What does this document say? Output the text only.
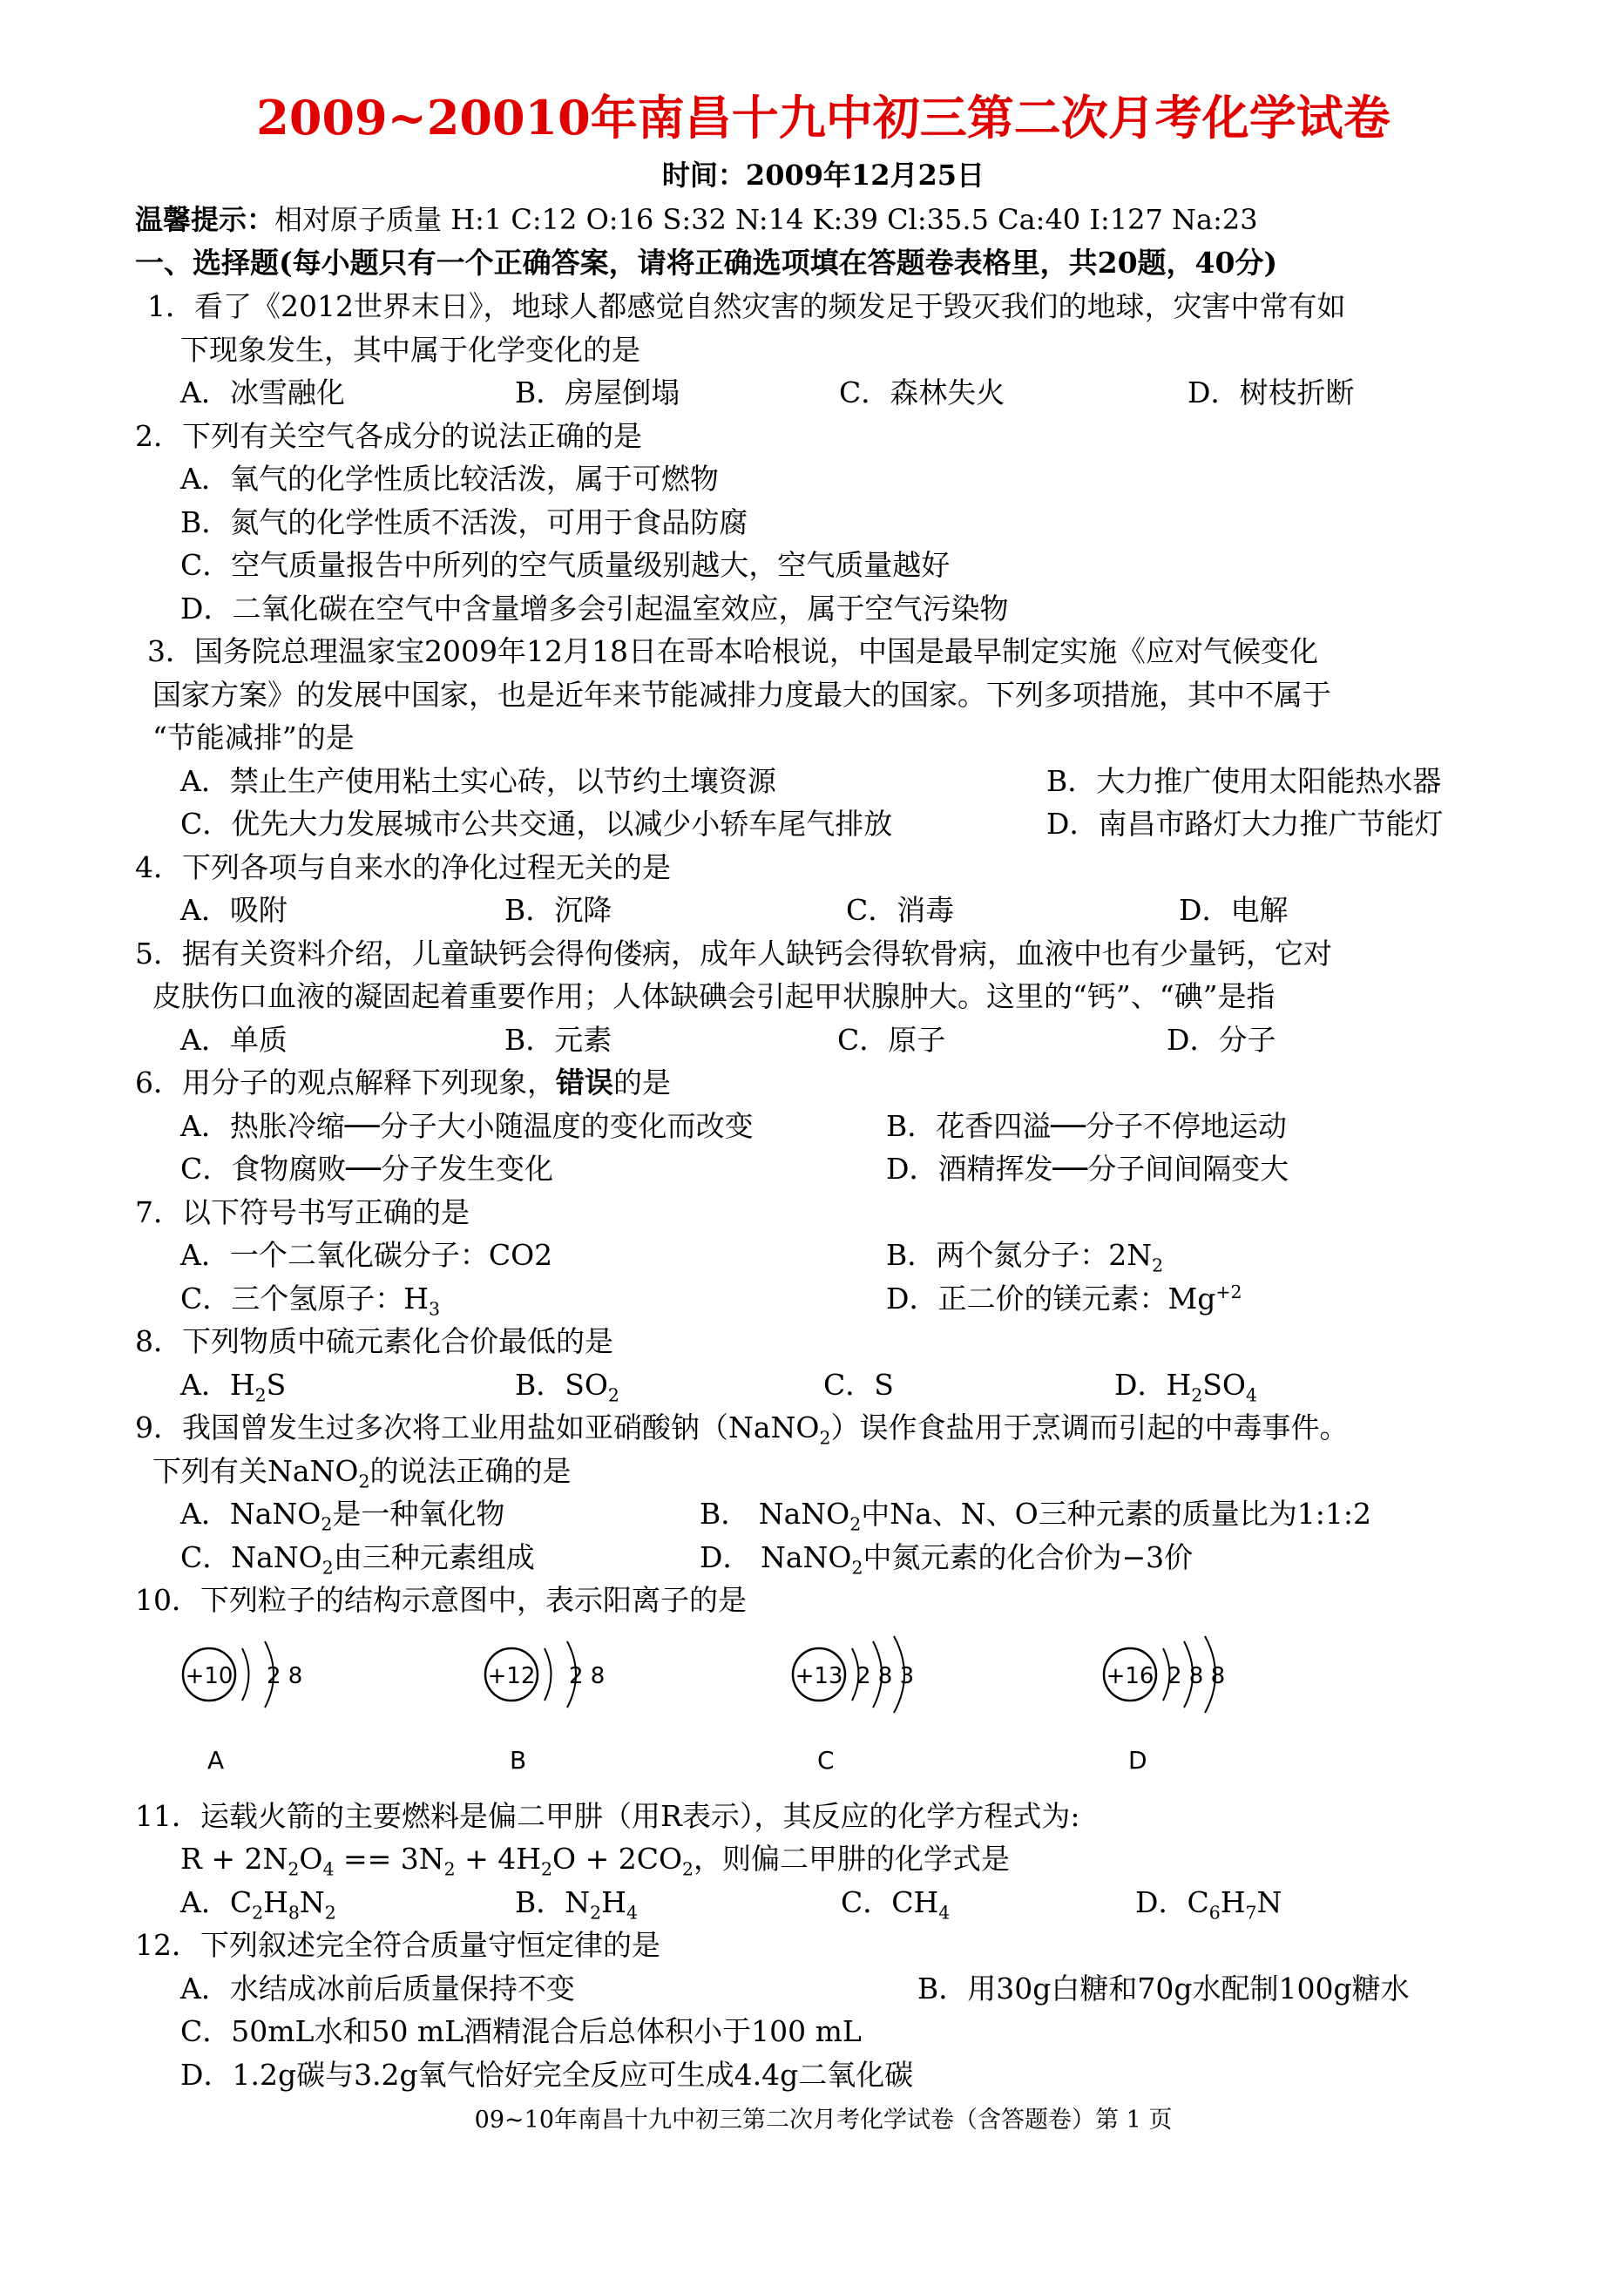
2009~20010年南昌十九中初三第二次月考化学试卷
时间：2009年12月25日
温馨提示：相对原子质量 H:1 C:12 O:16 S:32 N:14 K:39 Cl:35.5 Ca:40 I:127 Na:23
一、选择题(每小题只有一个正确答案，请将正确选项填在答题卷表格里，共20题，40分)
1．看了《2012世界末日》，地球人都感觉自然灾害的频发足于毁灭我们的地球，灾害中常有如
下现象发生，其中属于化学变化的是
A．冰雪融化	B．房屋倒塌	C．森林失火	D．树枝折断
2．下列有关空气各成分的说法正确的是
A．氧气的化学性质比较活泼，属于可燃物
B．氮气的化学性质不活泼，可用于食品防腐
C．空气质量报告中所列的空气质量级别越大，空气质量越好
D．二氧化碳在空气中含量增多会引起温室效应，属于空气污染物
3．国务院总理温家宝2009年12月18日在哥本哈根说，中国是最早制定实施《应对气候变化
国家方案》的发展中国家，也是近年来节能减排力度最大的国家。下列多项措施，其中不属于
“节能减排”的是
A．禁止生产使用粘土实心砖，以节约土壤资源	B．大力推广使用太阳能热水器
C．优先大力发展城市公共交通，以减少小轿车尾气排放	D．南昌市路灯大力推广节能灯
4．下列各项与自来水的净化过程无关的是
A．吸附	B．沉降	C．消毒	D．电解
5．据有关资料介绍，儿童缺钙会得佝偻病，成年人缺钙会得软骨病，血液中也有少量钙，它对
皮肤伤口血液的凝固起着重要作用；人体缺碘会引起甲状腺肿大。这里的“钙”、“碘”是指
A．单质	B．元素	C．原子	D．分子
6．用分子的观点解释下列现象，错误的是
A．热胀冷缩──分子大小随温度的变化而改变	B．花香四溢──分子不停地运动
C．食物腐败──分子发生变化	D．酒精挥发──分子间间隔变大
7．以下符号书写正确的是
A．一个二氧化碳分子：CO2	B．两个氮分子：$2N_2$
C．三个氢原子：$H_3$	D．正二价的镁元素：$Mg^{+2}$
8．下列物质中硫元素化合价最低的是
A．$H_2S$	B．$SO_2$	C．S	D．$H_2SO_4$
9．我国曾发生过多次将工业用盐如亚硝酸钠（NaNO$_2$）误作食盐用于烹调而引起的中毒事件。
下列有关NaNO$_2$的说法正确的是
A．NaNO$_2$是一种氧化物	B． NaNO$_2$中Na、N、O三种元素的质量比为1:1:2
C．NaNO$_2$由三种元素组成	D． NaNO$_2$中氮元素的化合价为−3价
10．下列粒子的结构示意图中，表示阳离子的是
+10 2 8
A
+12 2 8
B
+13 2 8 3
C
+16 2 8 8
D
11．运载火箭的主要燃料是偏二甲肼（用R表示），其反应的化学方程式为:
$R + 2N_2O_4 == 3N_2 + 4H_2O + 2CO_2$，则偏二甲肼的化学式是
A．$C_2H_8N_2$	B．$N_2H_4$	C．$CH_4$	D．$C_6H_7N$
12．下列叙述完全符合质量守恒定律的是
A．水结成冰前后质量保持不变	B．用30g白糖和70g水配制100g糖水
C．50mL水和50 mL酒精混合后总体积小于100 mL
D．1.2g碳与3.2g氧气恰好完全反应可生成4.4g二氧化碳
09~10年南昌十九中初三第二次月考化学试卷（含答题卷）第 1 页
